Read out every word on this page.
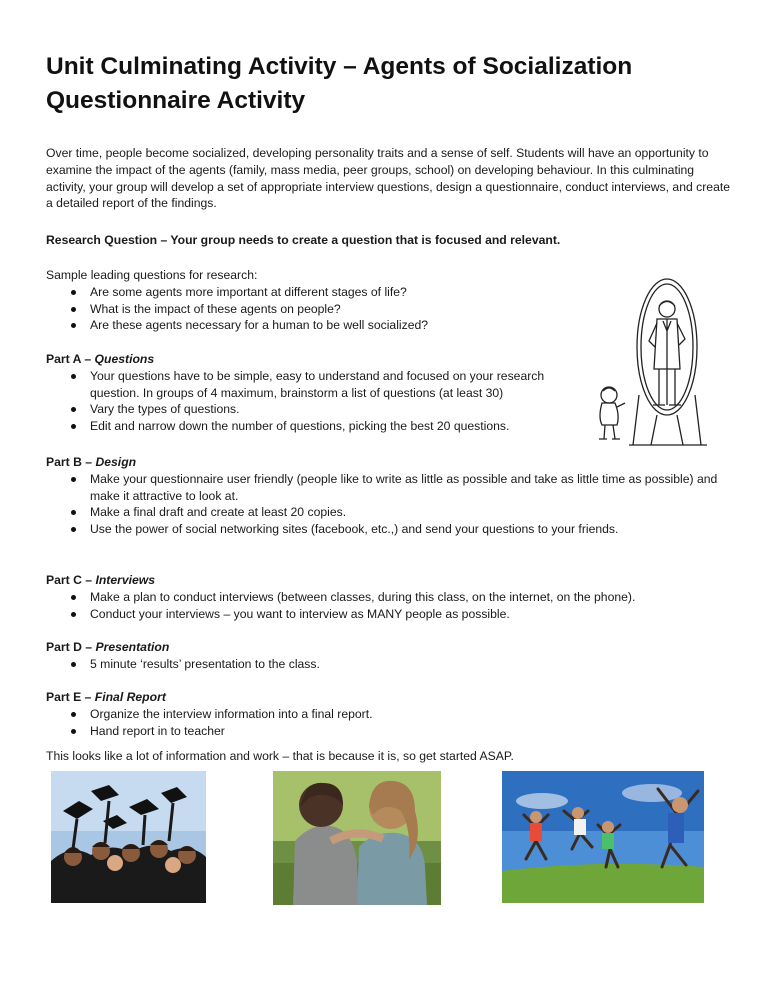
Unit Culminating Activity – Agents of Socialization
Questionnaire Activity

Over time, people become socialized, developing personality traits and a sense of self. Students will have an opportunity to examine the impact of the agents (family, mass media, peer groups, school) on developing behaviour. In this culminating activity, your group will develop a set of appropriate interview questions, design a questionnaire, conduct interviews, and create a detailed report of the findings.

Research Question – Your group needs to create a question that is focused and relevant.

Sample leading questions for research:

Are some agents more important at different stages of life?
What is the impact of these agents on people?
Are these agents necessary for a human to be well socialized?

Part A – Questions

Your questions have to be simple, easy to understand and focused on your research question. In groups of 4 maximum, brainstorm a list of questions (at least 30)
Vary the types of questions.
Edit and narrow down the number of questions, picking the best 20 questions.

Part B – Design

Make your questionnaire user friendly (people like to write as little as possible and take as little time as possible) and make it attractive to look at.
Make a final draft and create at least 20 copies.
Use the power of social networking sites (facebook, etc.,) and send your questions to your friends.

Part C – Interviews

Make a plan to conduct interviews (between classes, during this class, on the internet, on the phone).
Conduct your interviews – you want to interview as MANY people as possible.

Part D – Presentation

5 minute ‘results’ presentation to the class.

Part E – Final Report

Organize the interview information into a final report.
Hand report in to teacher

This looks like a lot of information and work – that is because it is, so get started ASAP.
